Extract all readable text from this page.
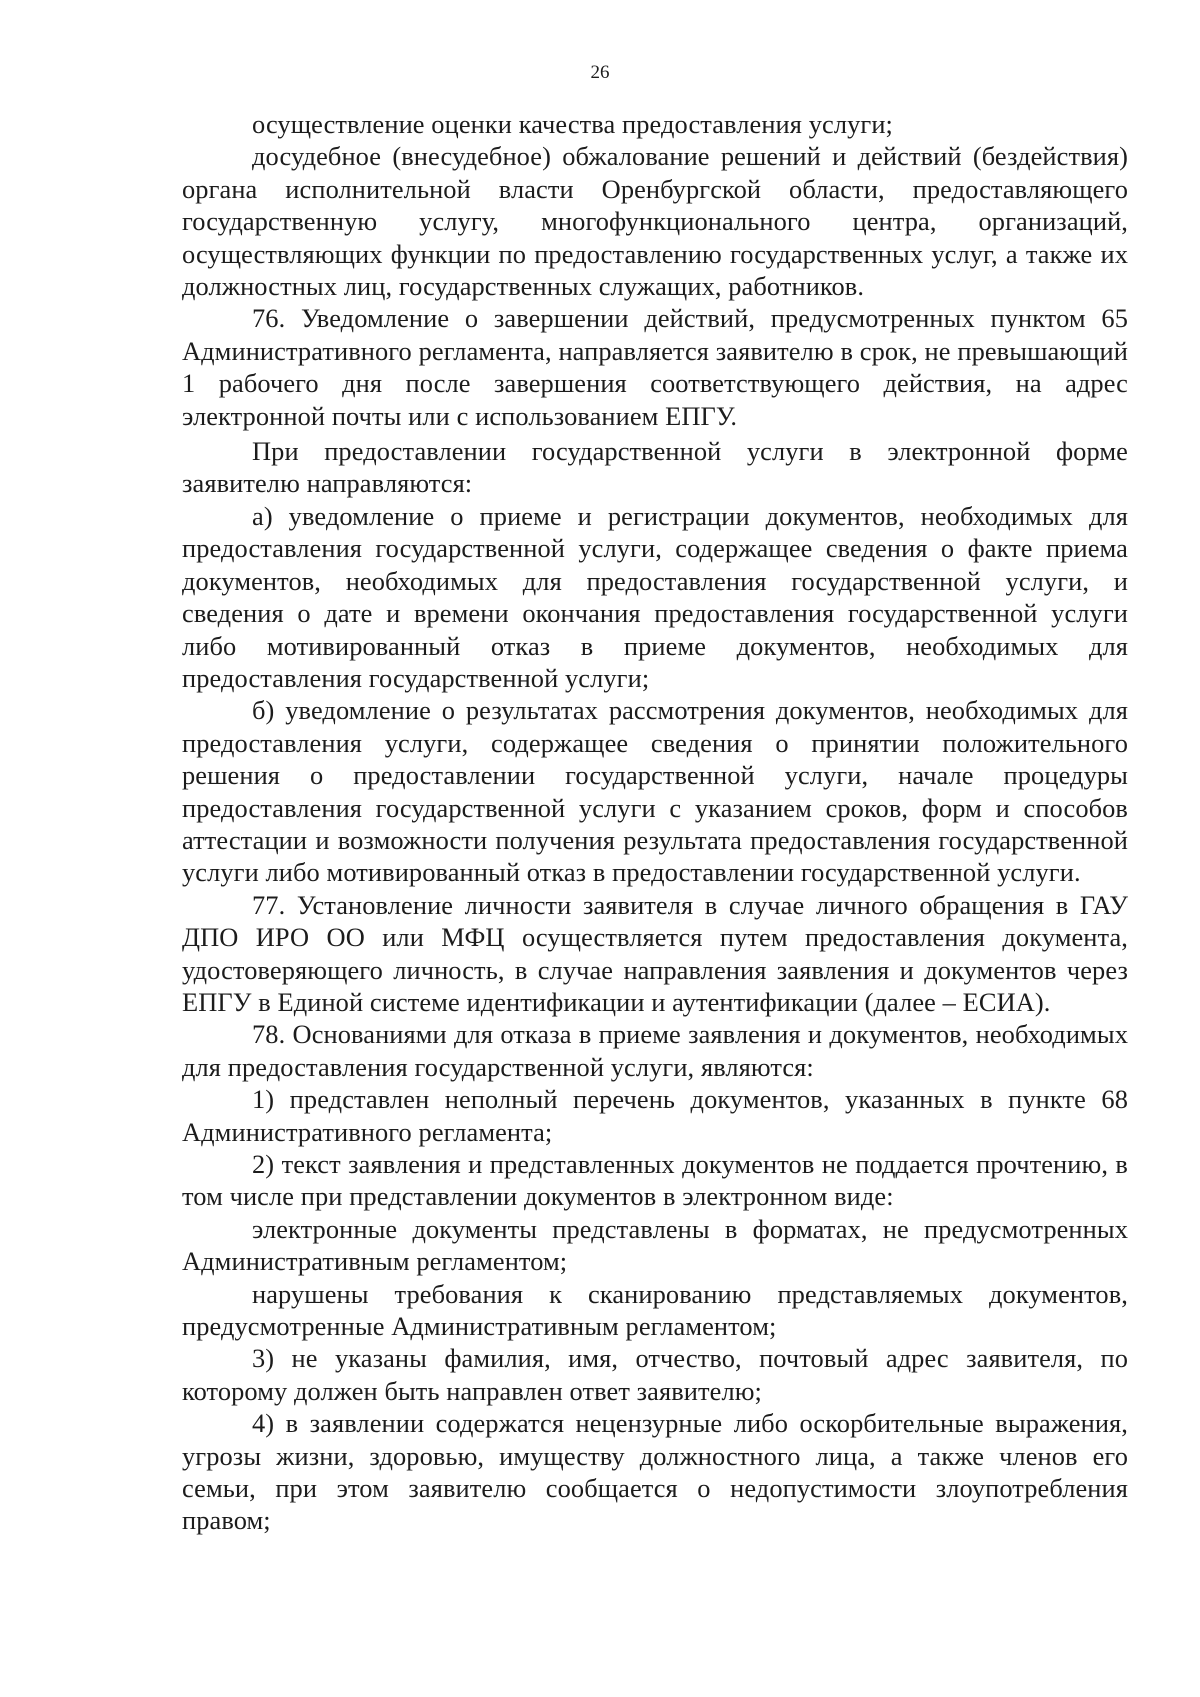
26

осуществление оценки качества предоставления услуги;

досудебное (внесудебное) обжалование решений и действий (бездействия) органа исполнительной власти Оренбургской области, предоставляющего государственную услугу, многофункционального центра, организаций, осуществляющих функции по предоставлению государственных услуг, а также их должностных лиц, государственных служащих, работников.

76. Уведомление о завершении действий, предусмотренных пунктом 65 Административного регламента, направляется заявителю в срок, не превышающий 1 рабочего дня после завершения соответствующего действия, на адрес электронной почты или с использованием ЕПГУ.

При предоставлении государственной услуги в электронной форме заявителю направляются:

а) уведомление о приеме и регистрации документов, необходимых для предоставления государственной услуги, содержащее сведения о факте приема документов, необходимых для предоставления государственной услуги, и сведения о дате и времени окончания предоставления государственной услуги либо мотивированный отказ в приеме документов, необходимых для предоставления государственной услуги;

б) уведомление о результатах рассмотрения документов, необходимых для предоставления услуги, содержащее сведения о принятии положительного решения о предоставлении государственной услуги, начале процедуры предоставления государственной услуги с указанием сроков, форм и способов аттестации и возможности получения результата предоставления государственной услуги либо мотивированный отказ в предоставлении государственной услуги.

77. Установление личности заявителя в случае личного обращения в ГАУ ДПО ИРО ОО или МФЦ осуществляется путем предоставления документа, удостоверяющего личность, в случае направления заявления и документов через ЕПГУ в Единой системе идентификации и аутентификации (далее – ЕСИА).

78. Основаниями для отказа в приеме заявления и документов, необходимых для предоставления государственной услуги, являются:

1) представлен неполный перечень документов, указанных в пункте 68 Административного регламента;

2) текст заявления и представленных документов не поддается прочтению, в том числе при представлении документов в электронном виде:

электронные документы представлены в форматах, не предусмотренных Административным регламентом;

нарушены требования к сканированию представляемых документов, предусмотренные Административным регламентом;

3) не указаны фамилия, имя, отчество, почтовый адрес заявителя, по которому должен быть направлен ответ заявителю;

4) в заявлении содержатся нецензурные либо оскорбительные выражения, угрозы жизни, здоровью, имуществу должностного лица, а также членов его семьи, при этом заявителю сообщается о недопустимости злоупотребления правом;
